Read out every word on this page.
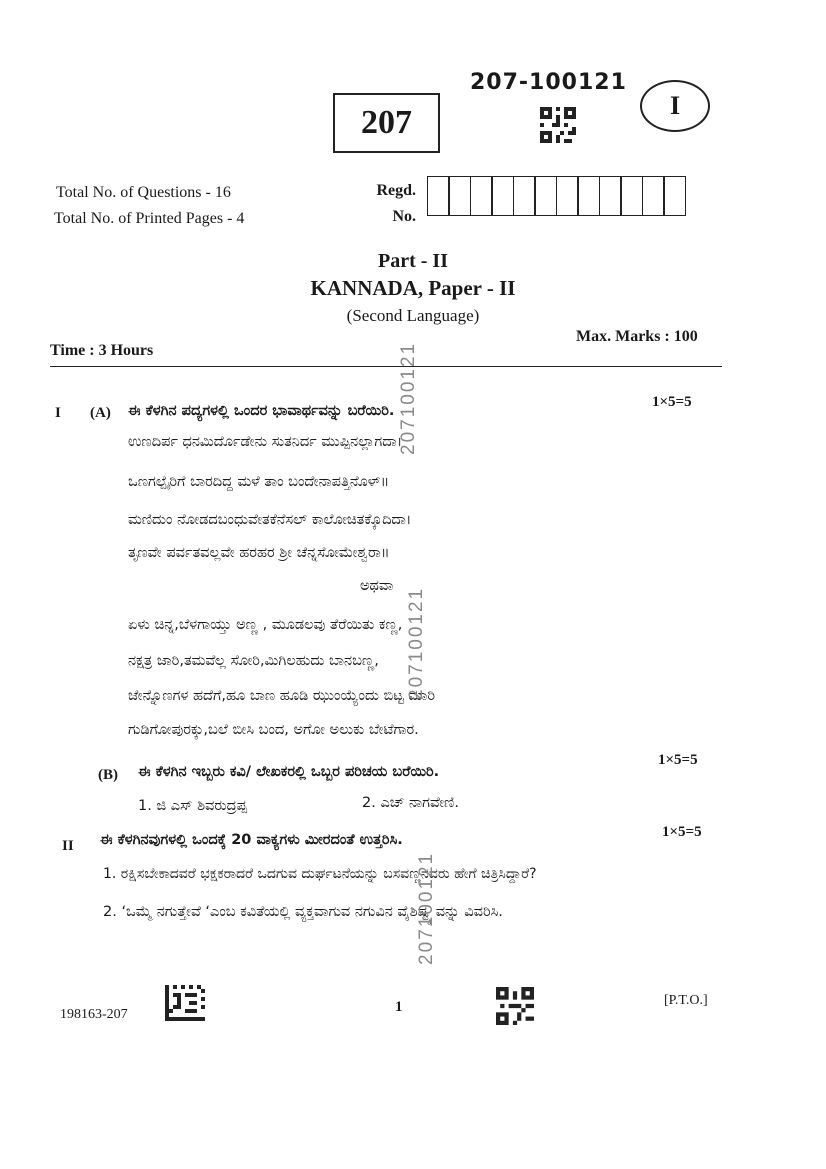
207
207-100121
I
Total No. of Questions - 16
Total No. of Printed Pages - 4
Regd.
No.
Part - II
KANNADA, Paper - II
(Second Language)
Time : 3 Hours
Max. Marks : 100
I (A) ಈ ಕೆಳಗಿನ ಪದ್ಯಗಳಲ್ಲಿ ಒಂದರ ಭಾವಾರ್ಥವನ್ನು ಬರೆಯಿರಿ.
1×5=5
ಉಣದಿರ್ಪ ಧನಮಿರ್ದೊಡೇನು ಸುತನಿರ್ದ ಮುಪ್ಪಿನಲ್ಲಾಗದಾ।
ಒಣಗಲ್ಪೈರಿಗೆ ಬಾರದಿದ್ದ ಮಳೆ ತಾಂ ಬಂದೇನಾಪತ್ತಿನೊಳ್॥
ಮಣಿದುಂ ನೋಡದಬಂಧುವೇತಕೆನೆಸಲ್ ಕಾಲೋಚಿತಕ್ಕೊದಿದಾ।
ತೃಣವೇ ಪರ್ವತವಲ್ಲವೇ ಹರಹರ ಶ್ರೀ ಚೆನ್ನಸೋಮೇಶ್ವರಾ॥
ಅಥವಾ
ಏಳು ಚಿನ್ನ,ಬೆಳಗಾಯ್ತು ಅಣ್ಣ , ಮೂಡಲವು ತೆರೆಯಿತು ಕಣ್ಣ,
ನಕ್ಷತ್ರ ಜಾರಿ,ತಮವೆಲ್ಲ ಸೋರಿ,ಮಿಗಿಲಹುದು ಬಾನಬಣ್ಣ,
ಜೇನ್ನೊಣಗಳ ಹದೆಗೆ,ಹೂ ಬಾಣ ಹೂಡಿ ಝುಂಯ್ಯೆಂದು ಬಿಟ್ಟ ಮಾರಿ
ಗುಡಿಗೋಪುರಕ್ಕು,ಬಲೆ ಬೀಸಿ ಬಂದ, ಅಗೋ ಅಲುಕು ಬೇಟೆಗಾರ.
(B) ಈ ಕೆಳಗಿನ ಇಬ್ಬರು ಕವಿ/ ಲೇಖಕರಲ್ಲಿ ಒಬ್ಬರ ಪರಿಚಯ ಬರೆಯಿರಿ.
1×5=5
1. ಜಿ ಎಸ್ ಶಿವರುದ್ರಪ್ಪ	2. ಎಚ್ ನಾಗವೇಣಿ.
II ಈ ಕೆಳಗಿನವುಗಳಲ್ಲಿ ಒಂದಕ್ಕೆ 20 ವಾಕ್ಯಗಳು ಮೀರದಂತೆ ಉತ್ತರಿಸಿ.	1×5=5
1. ರಕ್ಷಿಸಬೇಕಾದವರೆ ಭಕ್ಷಕರಾದರೆ ಒದಗುವ ದುರ್ಘಟನೆಯನ್ನು ಬಸವಣ್ಣನವರು ಹೇಗೆ ಚಿತ್ರಿಸಿದ್ದಾರೆ?
2. ‘ಒಮ್ಮೆ ನಗುತ್ತೇವೆ ‘ಎಂಬ ಕವಿತೆಯಲ್ಲಿ ವ್ಯಕ್ತವಾಗುವ ನಗುವಿನ ವೈಶಿಷ್ಟ್ಯ ವನ್ನು ವಿವರಿಸಿ.
207100121
207100121
207100121
198163-207	1	[P.T.O.]
